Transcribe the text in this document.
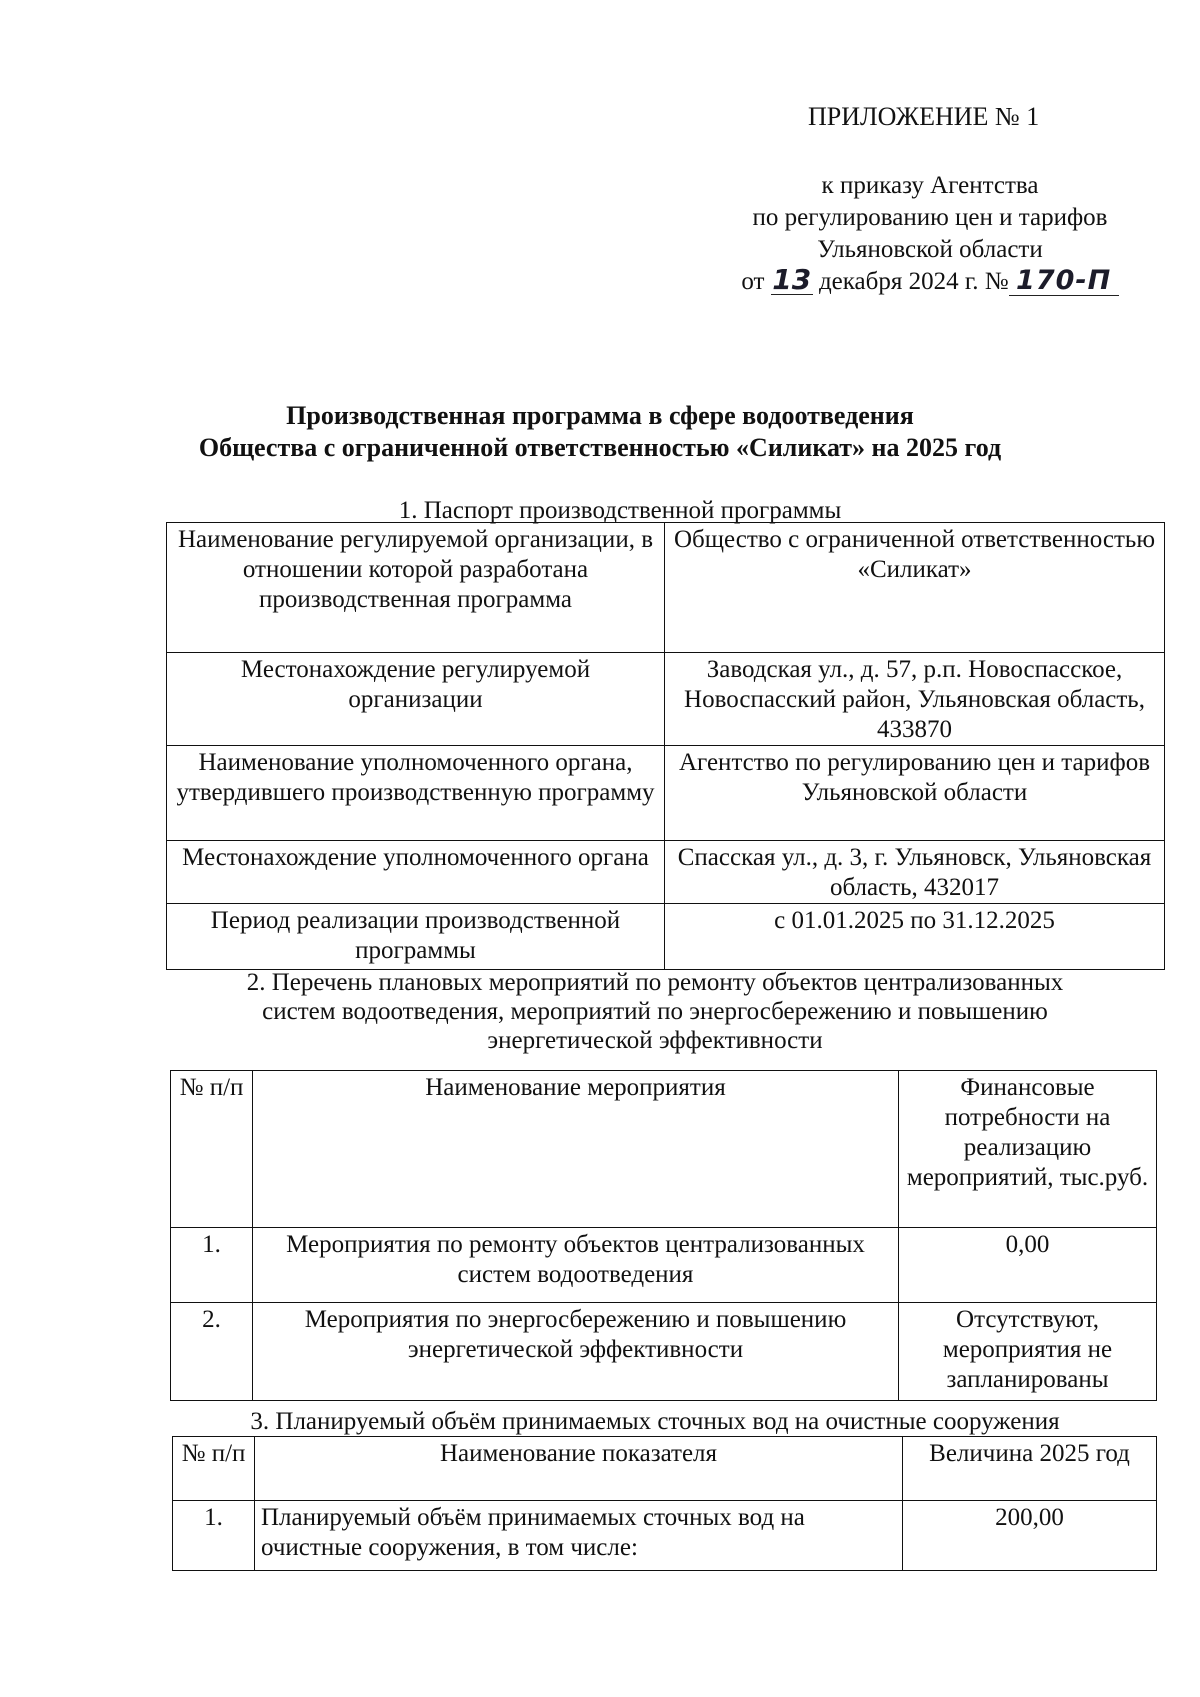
ПРИЛОЖЕНИЕ № 1
к приказу Агентства
по регулированию цен и тарифов
Ульяновской области
от 13 декабря 2024 г. № 170-П
Производственная программа в сфере водоотведения
Общества с ограниченной ответственностью «Силикат» на 2025 год
1. Паспорт производственной программы
Наименование регулируемой организации, в отношении которой разработана производственная программа	Общество с ограниченной ответственностью «Силикат»
Местонахождение регулируемой организации	Заводская ул., д. 57, р.п. Новоспасское, Новоспасский район, Ульяновская область, 433870
Наименование уполномоченного органа, утвердившего производственную программу	Агентство по регулированию цен и тарифов Ульяновской области
Местонахождение уполномоченного органа	Спасская ул., д. 3, г. Ульяновск, Ульяновская область, 432017
Период реализации производственной программы	с 01.01.2025 по 31.12.2025
2. Перечень плановых мероприятий по ремонту объектов централизованных
систем водоотведения, мероприятий по энергосбережению и повышению
энергетической эффективности
№ п/п	Наименование мероприятия	Финансовые потребности на реализацию мероприятий, тыс.руб.
1.	Мероприятия по ремонту объектов централизованных систем водоотведения	0,00
2.	Мероприятия по энергосбережению и повышению энергетической эффективности	Отсутствуют, мероприятия не запланированы
3. Планируемый объём принимаемых сточных вод на очистные сооружения
№ п/п	Наименование показателя	Величина 2025 год
1.	Планируемый объём принимаемых сточных вод на очистные сооружения, в том числе:	200,00
